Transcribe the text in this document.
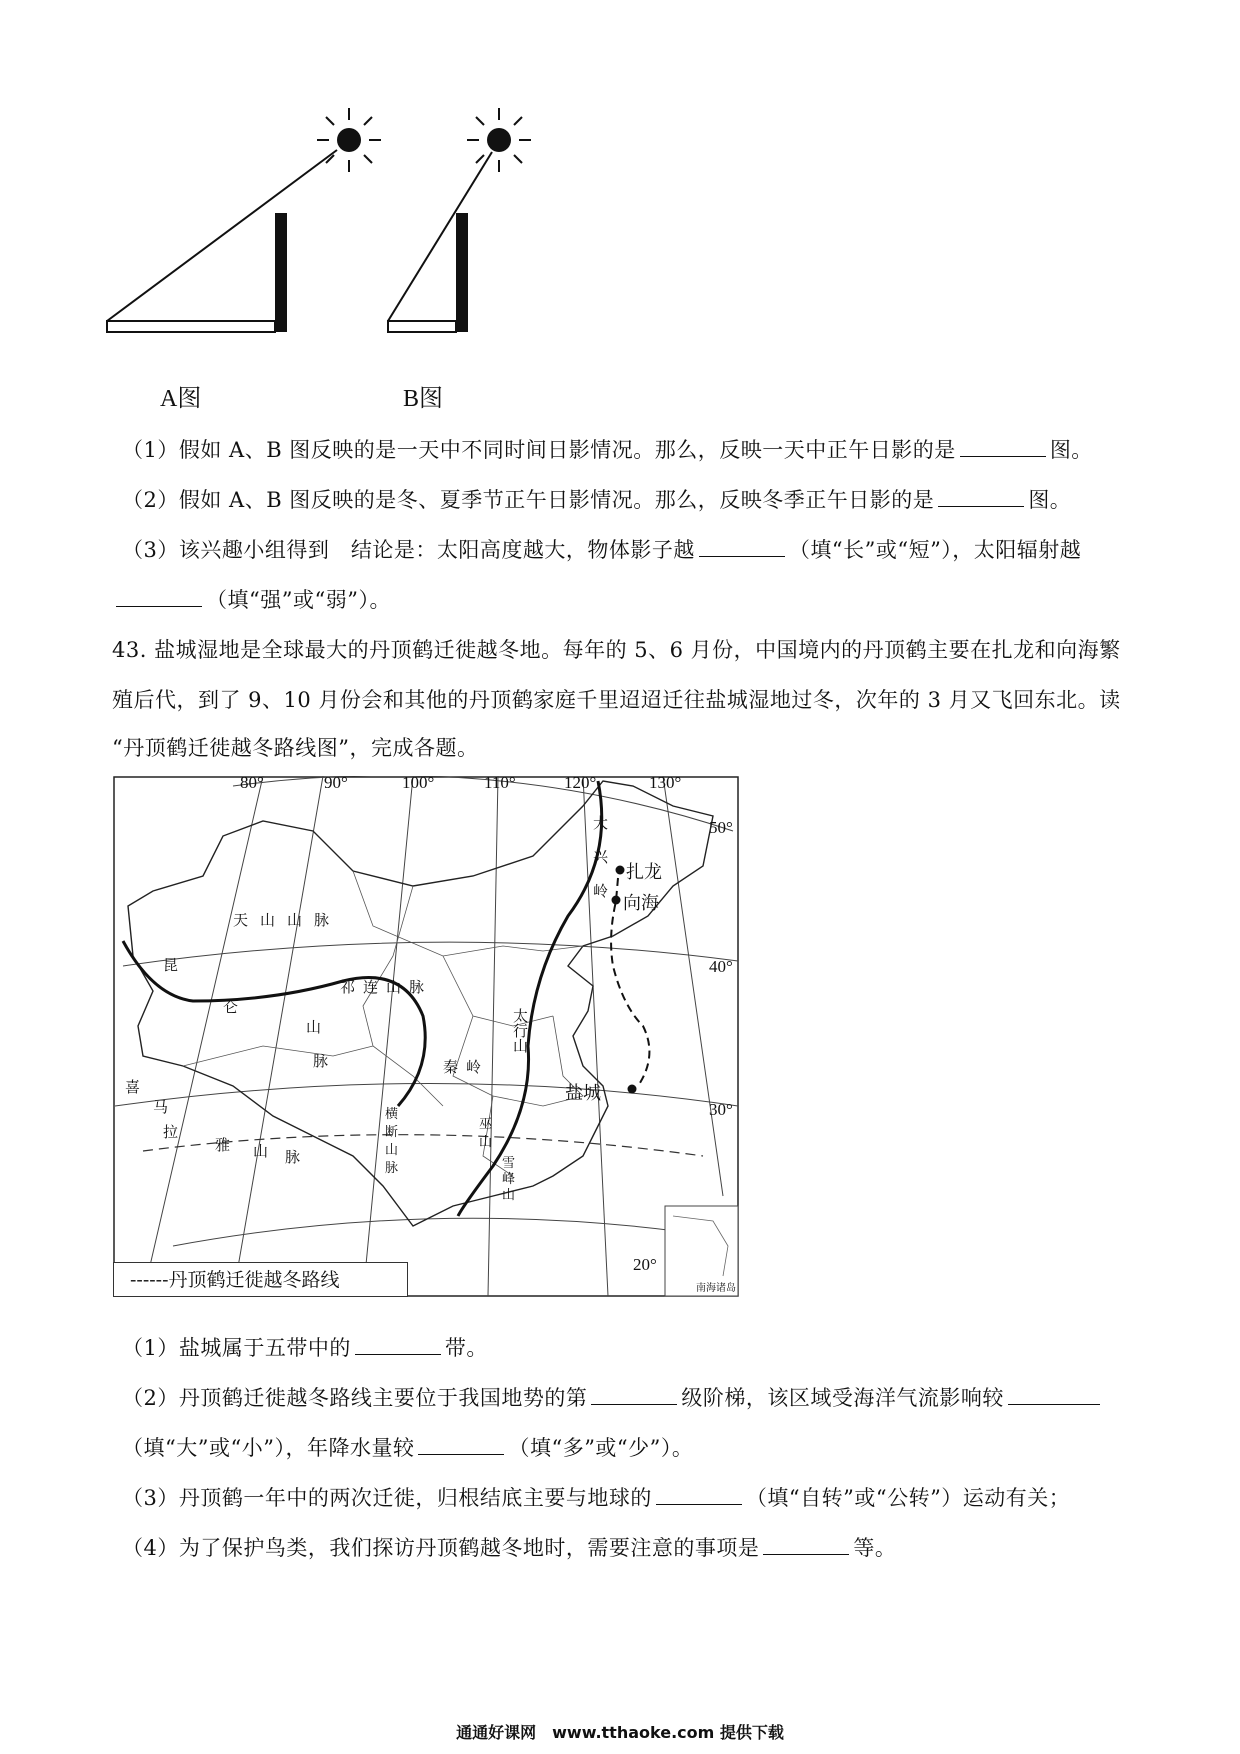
A图	B图
（1）假如 A、B 图反映的是一天中不同时间日影情况。那么，反映一天中正午日影的是	图。
（2）假如 A、B 图反映的是冬、夏季节正午日影情况。那么，反映冬季正午日影的是	图。
（3）该兴趣小组得到　结论是：太阳高度越大，物体影子越	（填“长”或“短”），太阳辐射越
（填“强”或“弱”）。
43. 盐城湿地是全球最大的丹顶鹤迁徙越冬地。每年的 5、6 月份，中国境内的丹顶鹤主要在扎龙和向海繁
殖后代，到了 9、10 月份会和其他的丹顶鹤家庭千里迢迢迁往盐城湿地过冬，次年的 3 月又飞回东北。读
“丹顶鹤迁徙越冬路线图”，完成各题。
80°	90°	100°	110°	120°	130°
50°
40°
30°
20°
扎龙
向海
盐城
天山山脉
昆
仑
山
脉
祁连山脉
秦岭
太行山
大兴岭
横断山脉
巫山
雪峰山
喜
马
拉
雅 山 脉
南海诸岛
------丹顶鹤迁徙越冬路线
（1）盐城属于五带中的	带。
（2）丹顶鹤迁徙越冬路线主要位于我国地势的第	级阶梯，该区域受海洋气流影响较
（填“大”或“小”），年降水量较	（填“多”或“少”）。
（3）丹顶鹤一年中的两次迁徙，归根结底主要与地球的	（填“自转”或“公转”）运动有关；
（4）为了保护鸟类，我们探访丹顶鹤越冬地时，需要注意的事项是	等。
通通好课网　www.tthaoke.com 提供下载
